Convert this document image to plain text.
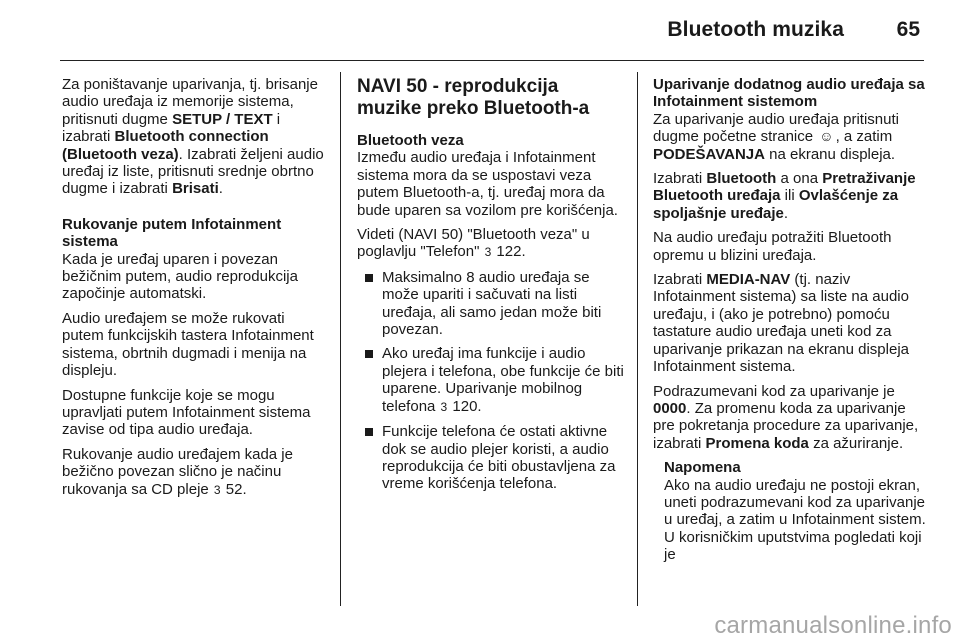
Bluetooth muzika	65

Za poništavanje uparivanja, tj. brisanje audio uređaja iz memorije sistema, pritisnuti dugme SETUP / TEXT i izabrati Bluetooth connection (Bluetooth veza). Izabrati željeni audio uređaj iz liste, pritisnuti srednje obrtno dugme i izabrati Brisati.

Rukovanje putem Infotainment sistema

Kada je uređaj uparen i povezan bežičnim putem, audio reprodukcija započinje automatski.

Audio uređajem se može rukovati putem funkcijskih tastera Infotainment sistema, obrtnih dugmadi i menija na displeju.

Dostupne funkcije koje se mogu upravljati putem Infotainment sistema zavise od tipa audio uređaja.

Rukovanje audio uređajem kada je bežično povezan slično je načinu rukovanja sa CD pleje 3 52.

NAVI 50 - reprodukcija muzike preko Bluetooth-a

Bluetooth veza

Između audio uređaja i Infotainment sistema mora da se uspostavi veza putem Bluetooth-a, tj. uređaj mora da bude uparen sa vozilom pre korišćenja.

Videti (NAVI 50) "Bluetooth veza" u poglavlju "Telefon" 3 122.

Maksimalno 8 audio uređaja se može upariti i sačuvati na listi uređaja, ali samo jedan može biti povezan.
Ako uređaj ima funkcije i audio plejera i telefona, obe funkcije će biti uparene. Uparivanje mobilnog telefona 3 120.
Funkcije telefona će ostati aktivne dok se audio plejer koristi, a audio reprodukcija će biti obustavljena za vreme korišćenja telefona.

Uparivanje dodatnog audio uređaja sa Infotainment sistemom

Za uparivanje audio uređaja pritisnuti dugme početne stranice ☺ , a zatim PODEŠAVANJA na ekranu displeja.

Izabrati Bluetooth a ona Pretraživanje Bluetooth uređaja ili Ovlašćenje za spoljašnje uređaje.

Na audio uređaju potražiti Bluetooth opremu u blizini uređaja.

Izabrati MEDIA-NAV (tj. naziv Infotainment sistema) sa liste na audio uređaju, i (ako je potrebno) pomoću tastature audio uređaja uneti kod za uparivanje prikazan na ekranu displeja Infotainment sistema.

Podrazumevani kod za uparivanje je 0000. Za promenu koda za uparivanje pre pokretanja procedure za uparivanje, izabrati Promena koda za ažuriranje.

Napomena

Ako na audio uređaju ne postoji ekran, uneti podrazumevani kod za uparivanje u uređaj, a zatim u Infotainment sistem. U korisničkim uputstvima pogledati koji je

carmanualsonline.info
